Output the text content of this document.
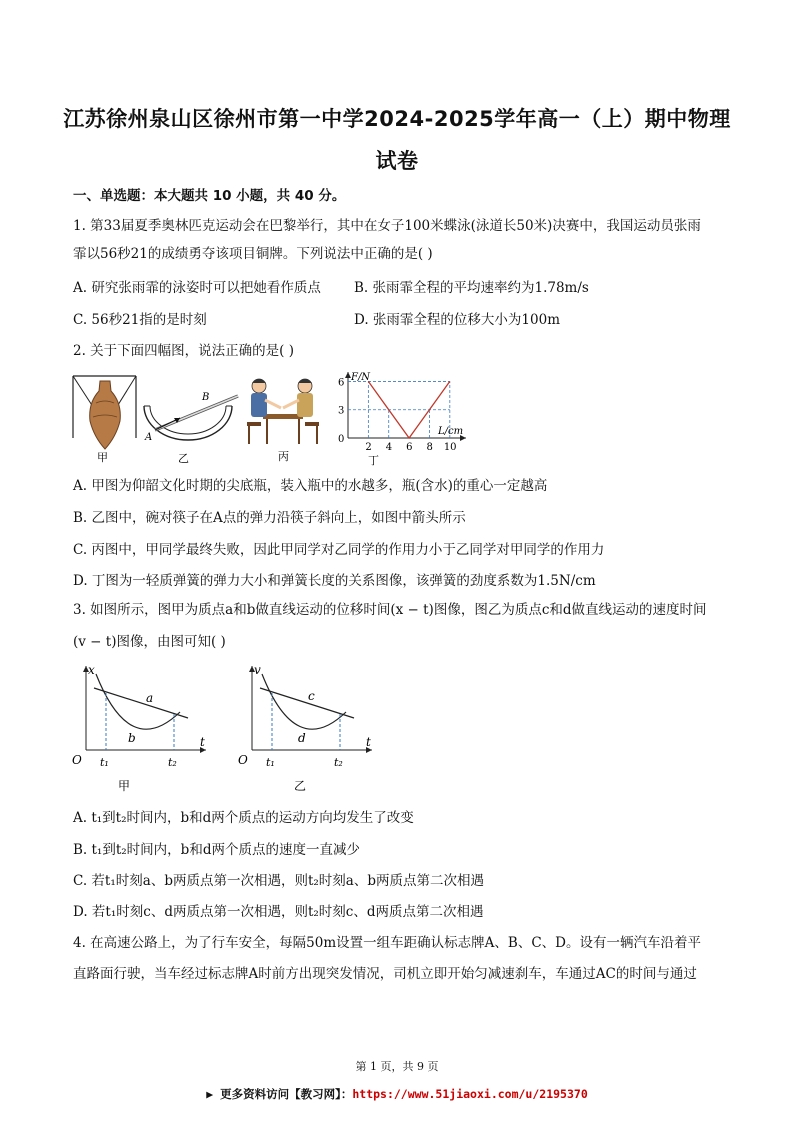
江苏徐州泉山区徐州市第一中学2024-2025学年高一（上）期中物理
试卷
一、单选题：本大题共 10 小题，共 40 分。
1. 第33届夏季奥林匹克运动会在巴黎举行，其中在女子100米蝶泳(泳道长50米)决赛中，我国运动员张雨
霏以56秒21的成绩勇夺该项目铜牌。下列说法中正确的是( )
A. 研究张雨霏的泳姿时可以把她看作质点 B. 张雨霏全程的平均速率约为1.78m/s
C. 56秒21指的是时刻	D. 张雨霏全程的位移大小为100m
2. 关于下面四幅图，说法正确的是( )
甲
B
A
乙	丙
F/N
L/cm
6
3
0
2 4 6 8 10
丁
A. 甲图为仰韶文化时期的尖底瓶，装入瓶中的水越多，瓶(含水)的重心一定越高
B. 乙图中，碗对筷子在A点的弹力沿筷子斜向上，如图中箭头所示
C. 丙图中，甲同学最终失败，因此甲同学对乙同学的作用力小于乙同学对甲同学的作用力
D. 丁图为一轻质弹簧的弹力大小和弹簧长度的关系图像，该弹簧的劲度系数为1.5N/cm
3. 如图所示，图甲为质点a和b做直线运动的位移时间(x − t)图像，图乙为质点c和d做直线运动的速度时间
(v − t)图像，由图可知( )
x
t
O t₁	t₂
a
b
甲
v
t
O t₁	t₂
c
d
乙
A. t₁到t₂时间内，b和d两个质点的运动方向均发生了改变
B. t₁到t₂时间内，b和d两个质点的速度一直减少
C. 若t₁时刻a、b两质点第一次相遇，则t₂时刻a、b两质点第二次相遇
D. 若t₁时刻c、d两质点第一次相遇，则t₂时刻c、d两质点第二次相遇
4. 在高速公路上，为了行车安全，每隔50m设置一组车距确认标志牌A、B、C、D。设有一辆汽车沿着平
直路面行驶，当车经过标志牌A时前方出现突发情况，司机立即开始匀减速刹车，车通过AC的时间与通过
第 1 页，共 9 页
▶ 更多资料访问【教习网】：https://www.51jiaoxi.com/u/2195370
